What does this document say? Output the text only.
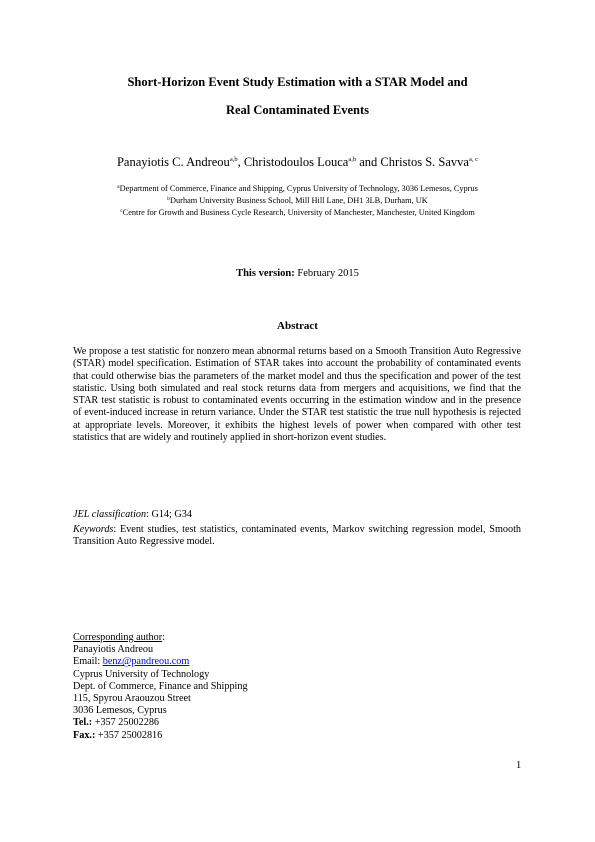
Short-Horizon Event Study Estimation with a STAR Model and
Real Contaminated Events
Panayiotis C. Andreou$^{a,b}$, Christodoulos Louca$^{a,b}$ and Christos S. Savva$^{a, c}$
$^a$Department of Commerce, Finance and Shipping, Cyprus University of Technology, 3036 Lemesos, Cyprus
$^b$Durham University Business School, Mill Hill Lane, DH1 3LB, Durham, UK
$^c$Centre for Growth and Business Cycle Research, University of Manchester, Manchester, United Kingdom
This version: February 2015
Abstract
We propose a test statistic for nonzero mean abnormal returns based on a Smooth Transition Auto Regressive (STAR) model specification. Estimation of STAR takes into account the probability of contaminated events that could otherwise bias the parameters of the market model and thus the specification and power of the test statistic. Using both simulated and real stock returns data from mergers and acquisitions, we find that the STAR test statistic is robust to contaminated events occurring in the estimation window and in the presence of event-induced increase in return variance. Under the STAR test statistic the true null hypothesis is rejected at appropriate levels. Moreover, it exhibits the highest levels of power when compared with other test statistics that are widely and routinely applied in short-horizon event studies.
JEL classification: G14; G34
Keywords: Event studies, test statistics, contaminated events, Markov switching regression model, Smooth Transition Auto Regressive model.
Corresponding author:
Panayiotis Andreou
Email: benz@pandreou.com
Cyprus University of Technology
Dept. of Commerce, Finance and Shipping
115, Spyrou Araouzou Street
3036 Lemesos, Cyprus
Tel.: +357 25002286
Fax.: +357 25002816
1
